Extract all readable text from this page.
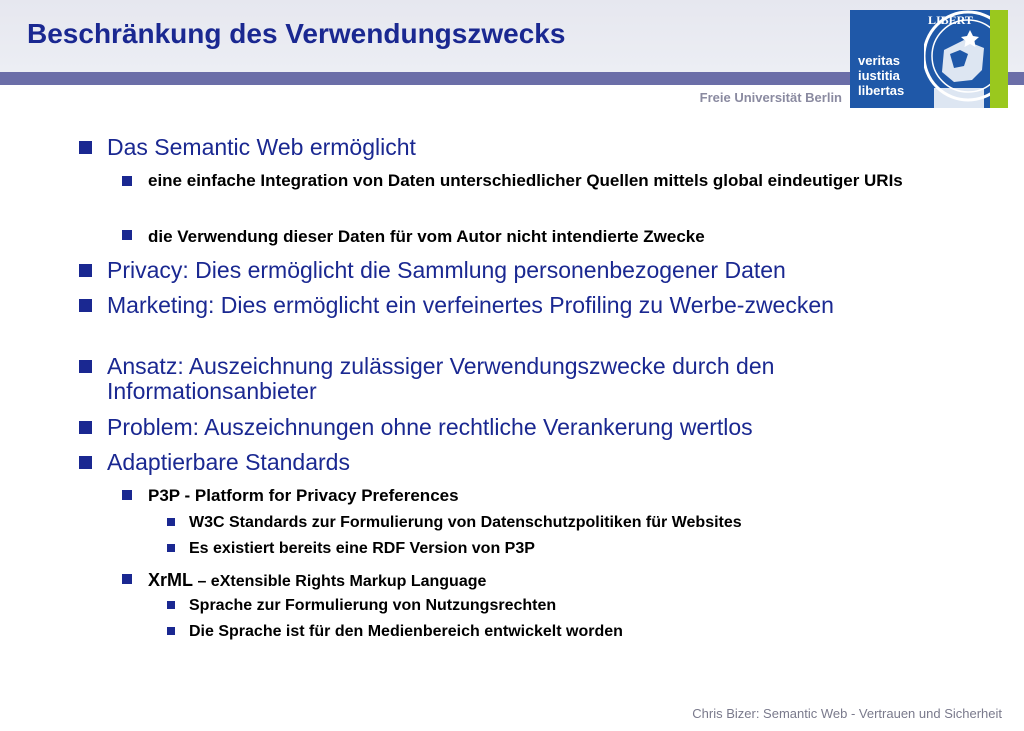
Beschränkung des Verwendungszwecks
Freie Universität Berlin
veritas
iustitia
libertas
LIBERT
Das Semantic Web ermöglicht
eine einfache Integration von Daten unterschiedlicher Quellen mittels global eindeutiger URIs
die Verwendung dieser Daten für vom Autor nicht intendierte Zwecke
Privacy: Dies ermöglicht die Sammlung personenbezogener Daten
Marketing: Dies ermöglicht ein verfeinertes Profiling zu Werbe-zwecken
Ansatz: Auszeichnung zulässiger Verwendungszwecke durch den Informationsanbieter
Problem: Auszeichnungen ohne rechtliche Verankerung wertlos
Adaptierbare Standards
P3P - Platform for Privacy Preferences
W3C Standards zur Formulierung von Datenschutzpolitiken für Websites
Es existiert bereits eine RDF Version von P3P
XrML – eXtensible Rights Markup Language
Sprache zur Formulierung von Nutzungsrechten
Die Sprache ist für den Medienbereich entwickelt worden
Chris Bizer: Semantic Web - Vertrauen und Sicherheit
